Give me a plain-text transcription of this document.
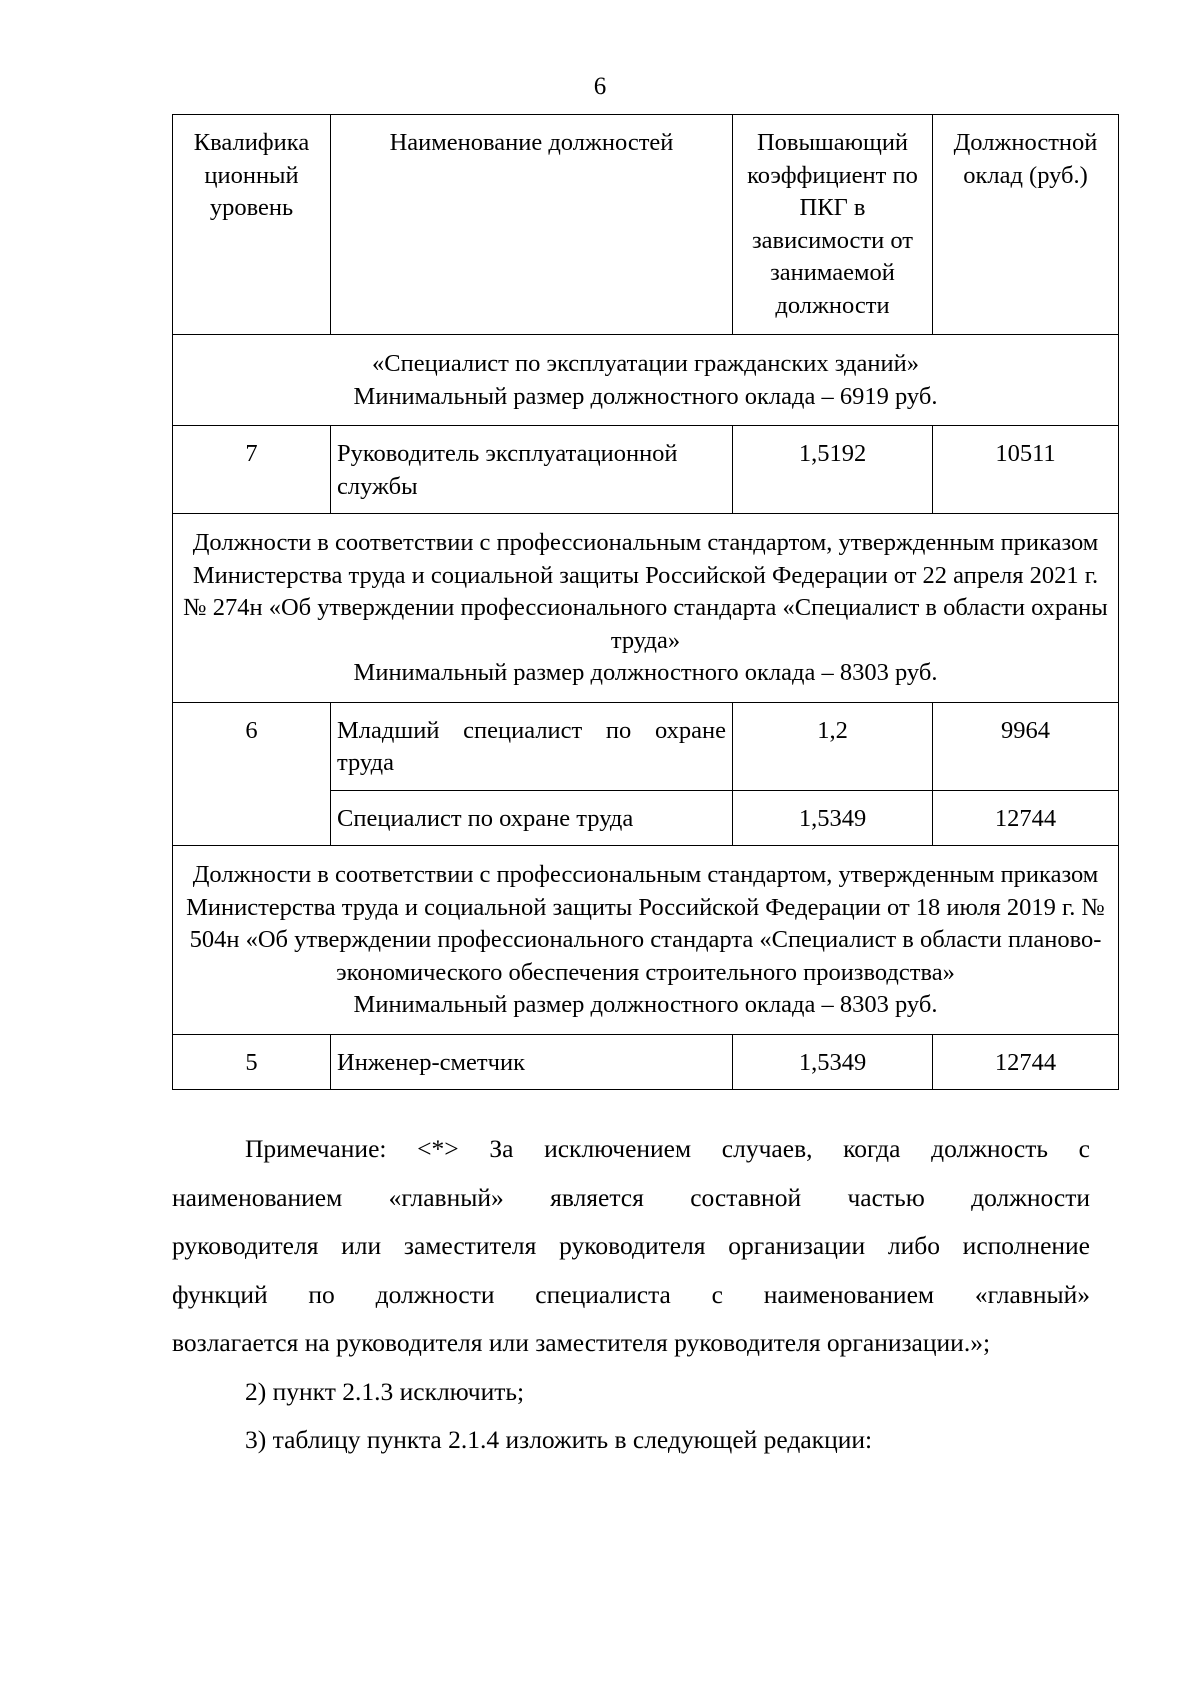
6
Квалифика ционный уровень	Наименование должностей	Повышающий коэффициент по ПКГ в зависимости от занимаемой должности	Должностной оклад (руб.)

«Специалист по эксплуатации гражданских зданий»
Минимальный размер должностного оклада – 6919 руб.			

7	Руководитель эксплуатационной службы	1,5192	10511

Должности в соответствии с профессиональным стандартом, утвержденным приказом Министерства труда и социальной защиты Российской Федерации от 22 апреля 2021 г. № 274н «Об утверждении профессионального стандарта «Специалист в области охраны труда»
Минимальный размер должностного оклада – 8303 руб.			

6	Младший специалист по охране труда	1,2	9964
	Специалист по охране труда	1,5349	12744

Должности в соответствии с профессиональным стандартом, утвержденным приказом Министерства труда и социальной защиты Российской Федерации от 18 июля 2019 г. № 504н «Об утверждении профессионального стандарта «Специалист в области планово-экономического обеспечения строительного производства»
Минимальный размер должностного оклада – 8303 руб.			

5	Инженер-сметчик	1,5349	12744

Примечание: <*> За исключением случаев, когда должность с

наименованием «главный» является составной частью должности

руководителя или заместителя руководителя организации либо исполнение

функций по должности специалиста с наименованием «главный»

возлагается на руководителя или заместителя руководителя организации.»;

2) пункт 2.1.3 исключить;

3) таблицу пункта 2.1.4 изложить в следующей редакции:
